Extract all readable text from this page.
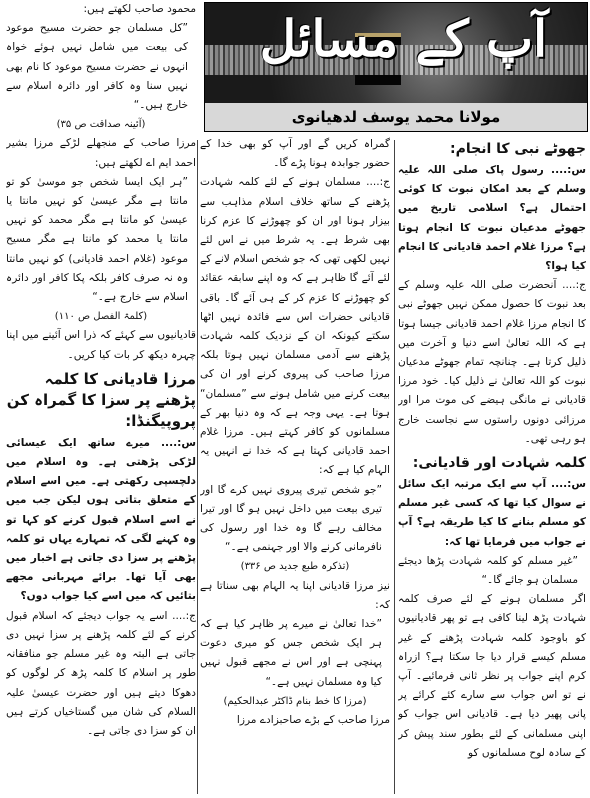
آپ کے مسائل
مولانا محمد یوسف لدھیانوی
جھوٹے نبی کا انجام:

س:.... رسول پاک صلی اللہ علیہ وسلم کے بعد امکان نبوت کا کوئی احتمال ہے؟ اسلامی تاریخ میں جھوٹے مدعیان نبوت کا انجام ہوتا ہے؟ مرزا غلام احمد قادیانی کا انجام کیا ہوا؟

ج:.... آنحضرت صلی اللہ علیہ وسلم کے بعد نبوت کا حصول ممکن نہیں جھوٹے نبی کا انجام مرزا غلام احمد قادیانی جیسا ہوتا ہے کہ اللہ تعالیٰ اسے دنیا و آخرت میں ذلیل کرتا ہے۔ چنانچہ تمام جھوٹے مدعیان نبوت کو اللہ تعالیٰ نے ذلیل کیا۔ خود مرزا قادیانی نے مانگی ہیضے کی موت مرا اور مرزائی دونوں راستوں سے نجاست خارج ہو رہی تھی۔

کلمہ شہادت اور قادیانی:

س:.... آپ سے ایک مرتبہ ایک سائل نے سوال کیا تھا کہ کسی غیر مسلم کو مسلم بنانے کا کیا طریقہ ہے؟ آپ نے جواب میں فرمایا تھا کہ:

”غیر مسلم کو کلمہ شہادت پڑھا دیجئے مسلمان ہو جائے گا۔“

اگر مسلمان ہونے کے لئے صرف کلمہ شہادت پڑھ لینا کافی ہے تو پھر قادیانیوں کو باوجود کلمہ شہادت پڑھنے کے غیر مسلم کیسے قرار دیا جا سکتا ہے؟ ازراہ کرم اپنے جواب پر نظر ثانی فرمائیے۔ آپ نے تو اس جواب سے سارے کئے کرائے پر پانی پھیر دیا ہے۔ قادیانی اس جواب کو اپنی مسلمانی کے لئے بطور سند پیش کر کے سادہ لوح مسلمانوں کو

گمراہ کریں گے اور آپ کو بھی خدا کے حضور جوابدہ ہونا پڑے گا۔

ج:.... مسلمان ہونے کے لئے کلمہ شہادت پڑھنے کے ساتھ خلاف اسلام مذاہب سے بیزار ہونا اور ان کو چھوڑنے کا عزم کرنا بھی شرط ہے۔ یہ شرط میں نے اس لئے نہیں لکھی تھی کہ جو شخص اسلام لانے کے لئے آئے گا ظاہر ہے کہ وہ اپنے سابقہ عقائد کو چھوڑنے کا عزم کر کے ہی آئے گا۔ باقی قادیانی حضرات اس سے فائدہ نہیں اٹھا سکتے کیونکہ ان کے نزدیک کلمہ شہادت پڑھنے سے آدمی مسلمان نہیں ہوتا بلکہ مرزا صاحب کی پیروی کرنے اور ان کی بیعت کرنے میں شامل ہونے سے ”مسلمان“ ہوتا ہے۔ یہی وجہ ہے کہ وہ دنیا بھر کے مسلمانوں کو کافر کہتے ہیں۔ مرزا غلام احمد قادیانی کہتا ہے کہ خدا نے انہیں یہ الہام کیا ہے کہ:

”جو شخص تیری پیروی نہیں کرے گا اور تیری بیعت میں داخل نہیں ہو گا اور تیرا مخالف رہے گا وہ خدا اور رسول کی نافرمانی کرنے والا اور جہنمی ہے۔“

(تذکرہ طبع جدید ص ۳۳۶)

نیز مرزا قادیانی اپنا یہ الہام بھی سناتا ہے کہ:

”خدا تعالیٰ نے میرے پر ظاہر کیا ہے کہ ہر ایک شخص جس کو میری دعوت پہنچی ہے اور اس نے مجھے قبول نہیں کیا وہ مسلمان نہیں ہے۔“

(مرزا کا خط بنام ڈاکٹر عبدالحکیم)

مرزا صاحب کے بڑے صاحبزادے مرزا

محمود صاحب لکھتے ہیں:

”کل مسلمان جو حضرت مسیح موعود کی بیعت میں شامل نہیں ہوئے خواہ انہوں نے حضرت مسیح موعود کا نام بھی نہیں سنا وہ کافر اور دائرہ اسلام سے خارج ہیں۔“

(آئینہ صداقت ص ۳۵)

مرزا صاحب کے منجھلے لڑکے مرزا بشیر احمد ایم اے لکھتے ہیں:

”ہر ایک ایسا شخص جو موسیٰ کو تو مانتا ہے مگر عیسیٰ کو نہیں مانتا یا عیسیٰ کو مانتا ہے مگر محمد کو نہیں مانتا یا محمد کو مانتا ہے مگر مسیح موعود (غلام احمد قادیانی) کو نہیں مانتا وہ نہ صرف کافر بلکہ پکا کافر اور دائرہ اسلام سے خارج ہے۔“

(کلمۃ الفصل ص ۱۱۰)

قادیانیوں سے کہئے کہ ذرا اس آئینے میں اپنا چہرہ دیکھ کر بات کیا کریں۔

مرزا قادیانی کا کلمہ پڑھنے پر سزا کا گمراہ کن پروپیگنڈا:

س:.... میرے ساتھ ایک عیسائی لڑکی پڑھتی ہے۔ وہ اسلام میں دلچسپی رکھتی ہے۔ میں اسے اسلام کے متعلق بتاتی ہوں لیکن جب میں نے اسے اسلام قبول کرنے کو کہا تو وہ کہنے لگی کہ تمہارے یہاں تو کلمہ پڑھنے پر سزا دی جاتی ہے اخبار میں بھی آیا تھا۔ برائے مہربانی مجھے بتائیں کہ میں اسے کیا جواب دوں؟

ج:.... اسے یہ جواب دیجئے کہ اسلام قبول کرنے کے لئے کلمہ پڑھنے پر سزا نہیں دی جاتی ہے البتہ وہ غیر مسلم جو منافقانہ طور پر اسلام کا کلمہ پڑھ کر لوگوں کو دھوکا دیتے ہیں اور حضرت عیسیٰ علیہ السلام کی شان میں گستاخیاں کرتے ہیں ان کو سزا دی جاتی ہے۔
